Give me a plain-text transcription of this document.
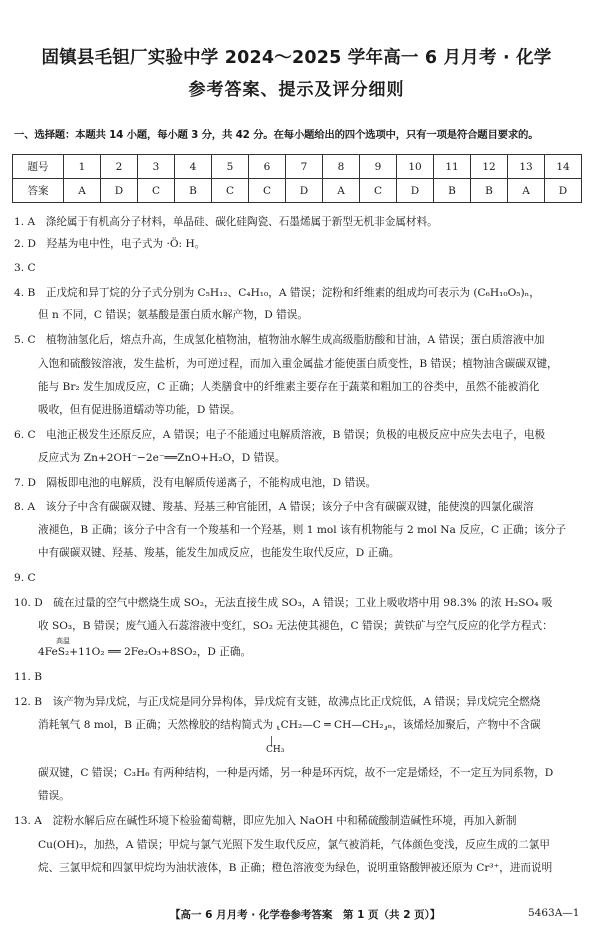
固镇县毛钽厂实验中学 2024～2025 学年高一 6 月月考 · 化学
参考答案、提示及评分细则
一、选择题：本题共 14 小题，每小题 3 分，共 42 分。在每小题给出的四个选项中，只有一项是符合题目要求的。
题号	1	2	3	4	5	6	7	8	9	10	11	12	13	14
答案	A	D	C	B	C	C	D	A	C	D	B	B	A	D
1. A　涤纶属于有机高分子材料，单晶硅、碳化硅陶瓷、石墨烯属于新型无机非金属材料。
2. D　羟基为电中性，电子式为 ·Ö: H。
3. C
4. B　正戊烷和异丁烷的分子式分别为 C₅H₁₂、C₄H₁₀，A 错误；淀粉和纤维素的组成均可表示为 (C₆H₁₀O₅)ₙ，
但 n 不同，C 错误；氨基酸是蛋白质水解产物，D 错误。
5. C　植物油氢化后，熔点升高，生成氢化植物油，植物油水解生成高级脂肪酸和甘油，A 错误；蛋白质溶液中加
入饱和硫酸铵溶液，发生盐析，为可逆过程，而加入重金属盐才能使蛋白质变性，B 错误；植物油含碳碳双键，
能与 Br₂ 发生加成反应，C 正确；人类膳食中的纤维素主要存在于蔬菜和粗加工的谷类中，虽然不能被消化
吸收，但有促进肠道蠕动等功能，D 错误。
6. C　电池正极发生还原反应，A 错误；电子不能通过电解质溶液，B 错误；负极的电极反应中应失去电子，电极
反应式为 Zn+2OH⁻−2e⁻══ZnO+H₂O，D 错误。
7. D　隔板即电池的电解质，没有电解质传递离子，不能构成电池，D 错误。
8. A　该分子中含有碳碳双键、羧基、羟基三种官能团，A 错误；该分子中含有碳碳双键，能使溴的四氯化碳溶
液褪色，B 正确；该分子中含有一个羧基和一个羟基，则 1 mol 该有机物能与 2 mol Na 反应，C 正确；该分子
中有碳碳双键、羟基、羧基，能发生加成反应，也能发生取代反应，D 正确。
9. C
10. D　硫在过量的空气中燃烧生成 SO₂，无法直接生成 SO₃，A 错误；工业上吸收塔中用 98.3% 的浓 H₂SO₄ 吸
收 SO₃，B 错误；废气通入石蕊溶液中变红，SO₂ 无法使其褪色，C 错误；黄铁矿与空气反应的化学方程式：
高温
4FeS₂+11O₂ ══ 2Fe₂O₃+8SO₂，D 正确。
11. B
12. B　该产物为异戊烷，与正戊烷是同分异构体，异戊烷有支链，故沸点比正戊烷低，A 错误；异戊烷完全燃烧
消耗氧气 8 mol，B 正确；天然橡胶的结构简式为 ⸤CH₂—C ═ CH—CH₂⸥ₙ，该烯烃加聚后，产物中不含碳
|
CH₃
碳双键，C 错误；C₃H₆ 有两种结构，一种是丙烯，另一种是环丙烷，故不一定是烯烃，不一定互为同系物，D
错误。
13. A　淀粉水解后应在碱性环境下检验葡萄糖，即应先加入 NaOH 中和稀硫酸制造碱性环境，再加入新制
Cu(OH)₂，加热，A 错误；甲烷与氯气光照下发生取代反应，氯气被消耗，气体颜色变浅，反应生成的二氯甲
烷、三氯甲烷和四氯甲烷均为油状液体，B 正确；橙色溶液变为绿色，说明重铬酸钾被还原为 Cr³⁺，进而说明
【高一 6 月月考 · 化学卷参考答案　第 1 页（共 2 页）】	5463A—1
